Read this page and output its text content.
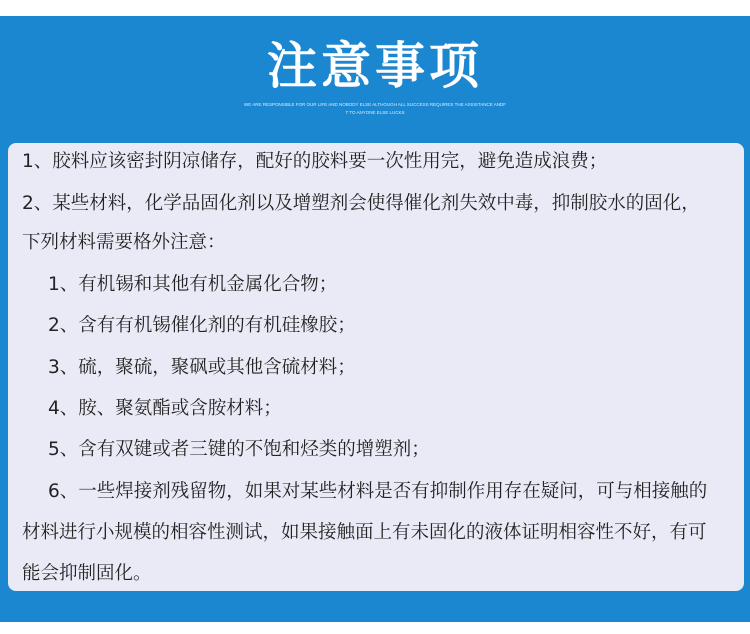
注意事项
WE ARE RESPONSIBLE FOR OUR LIFE AND NOBODY ELSE ALTHOUGH ALL SUCCESS REQUIRES THE ASSISTANCE ANDF
T TO ANYONE ELSE LUCKS
1、胶料应该密封阴凉储存，配好的胶料要一次性用完，避免造成浪费；
2、某些材料，化学品固化剂以及增塑剂会使得催化剂失效中毒，抑制胶水的固化，
下列材料需要格外注意：
1、有机锡和其他有机金属化合物；
2、含有有机锡催化剂的有机硅橡胶；
3、硫，聚硫，聚砜或其他含硫材料；
4、胺、聚氨酯或含胺材料；
5、含有双键或者三键的不饱和烃类的增塑剂；
6、一些焊接剂残留物，如果对某些材料是否有抑制作用存在疑问，可与相接触的
材料进行小规模的相容性测试，如果接触面上有未固化的液体证明相容性不好，有可
能会抑制固化。
